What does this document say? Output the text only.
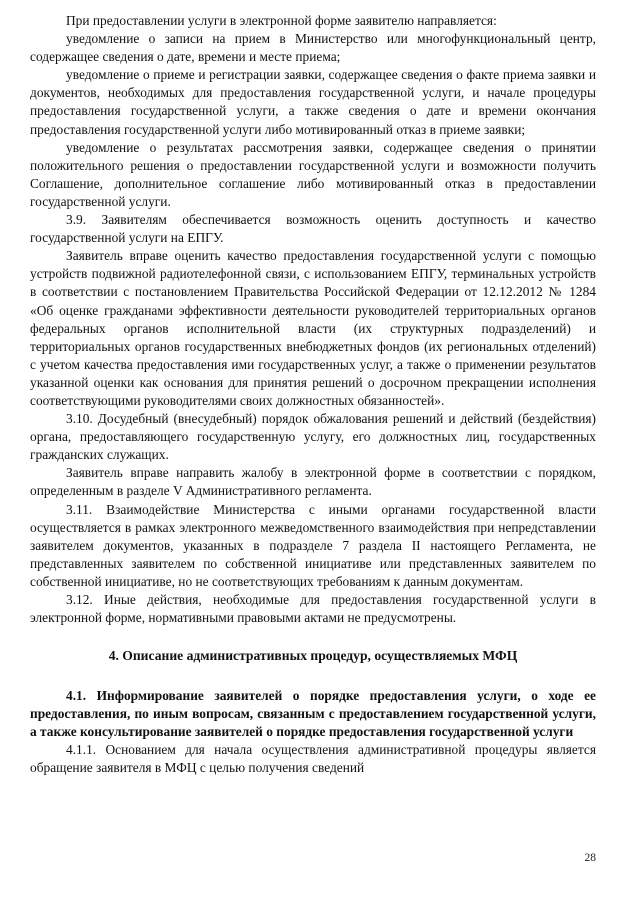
При предоставлении услуги в электронной форме заявителю направляется:

уведомление о записи на прием в Министерство или многофункциональный центр, содержащее сведения о дате, времени и месте приема;

уведомление о приеме и регистрации заявки, содержащее сведения о факте приема заявки и документов, необходимых для предоставления государственной услуги, и начале процедуры предоставления государственной услуги, а также сведения о дате и времени окончания предоставления государственной услуги либо мотивированный отказ в приеме заявки;

уведомление о результатах рассмотрения заявки, содержащее сведения о принятии положительного решения о предоставлении государственной услуги и возможности получить Соглашение, дополнительное соглашение либо мотивированный отказ в предоставлении государственной услуги.

3.9. Заявителям обеспечивается возможность оценить доступность и качество государственной услуги на ЕПГУ.

Заявитель вправе оценить качество предоставления государственной услуги с помощью устройств подвижной радиотелефонной связи, с использованием ЕПГУ, терминальных устройств в соответствии с постановлением Правительства Российской Федерации от 12.12.2012 № 1284 «Об оценке гражданами эффективности деятельности руководителей территориальных органов федеральных органов исполнительной власти (их структурных подразделений) и территориальных органов государственных внебюджетных фондов (их региональных отделений) с учетом качества предоставления ими государственных услуг, а также о применении результатов указанной оценки как основания для принятия решений о досрочном прекращении исполнения соответствующими руководителями своих должностных обязанностей».

3.10. Досудебный (внесудебный) порядок обжалования решений и действий (бездействия) органа, предоставляющего государственную услугу, его должностных лиц, государственных гражданских служащих.

Заявитель вправе направить жалобу в электронной форме в соответствии с порядком, определенным в разделе V Административного регламента.

3.11. Взаимодействие Министерства с иными органами государственной власти осуществляется в рамках электронного межведомственного взаимодействия при непредставлении заявителем документов, указанных в подразделе 7 раздела II настоящего Регламента, не представленных заявителем по собственной инициативе или представленных заявителем по собственной инициативе, но не соответствующих требованиям к данным документам.

3.12. Иные действия, необходимые для предоставления государственной услуги в электронной форме, нормативными правовыми актами не предусмотрены.

4. Описание административных процедур, осуществляемых МФЦ

4.1. Информирование заявителей о порядке предоставления услуги, о ходе ее предоставления, по иным вопросам, связанным с предоставлением государственной услуги, а также консультирование заявителей о порядке предоставления государственной услуги

4.1.1. Основанием для начала осуществления административной процедуры является обращение заявителя в МФЦ с целью получения сведений

28
